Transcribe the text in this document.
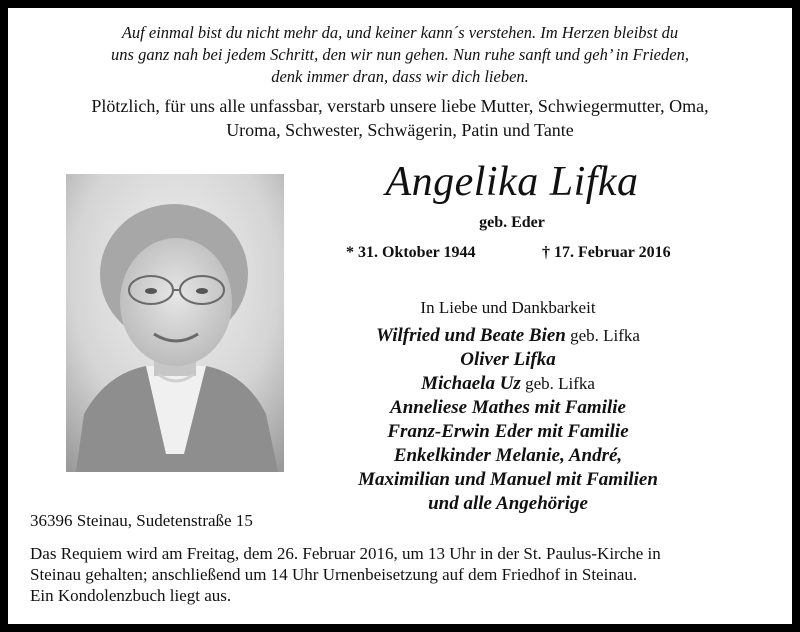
Auf einmal bist du nicht mehr da, und keiner kann´s verstehen. Im Herzen bleibst du
uns ganz nah bei jedem Schritt, den wir nun gehen. Nun ruhe sanft und geh’ in Frieden,
denk immer dran, dass wir dich lieben.
Plötzlich, für uns alle unfassbar, verstarb unsere liebe Mutter, Schwiegermutter, Oma,
Uroma, Schwester, Schwägerin, Patin und Tante
Angelika Lifka
geb. Eder
* 31. Oktober 1944	† 17. Februar 2016
In Liebe und Dankbarkeit
Wilfried und Beate Bien geb. Lifka
Oliver Lifka
Michaela Uz geb. Lifka
Anneliese Mathes mit Familie
Franz-Erwin Eder mit Familie
Enkelkinder Melanie, André,
Maximilian und Manuel mit Familien
und alle Angehörige
36396 Steinau, Sudetenstraße 15
Das Requiem wird am Freitag, dem 26. Februar 2016, um 13 Uhr in der St. Paulus-Kirche in
Steinau gehalten; anschließend um 14 Uhr Urnenbeisetzung auf dem Friedhof in Steinau.
Ein Kondolenzbuch liegt aus.
